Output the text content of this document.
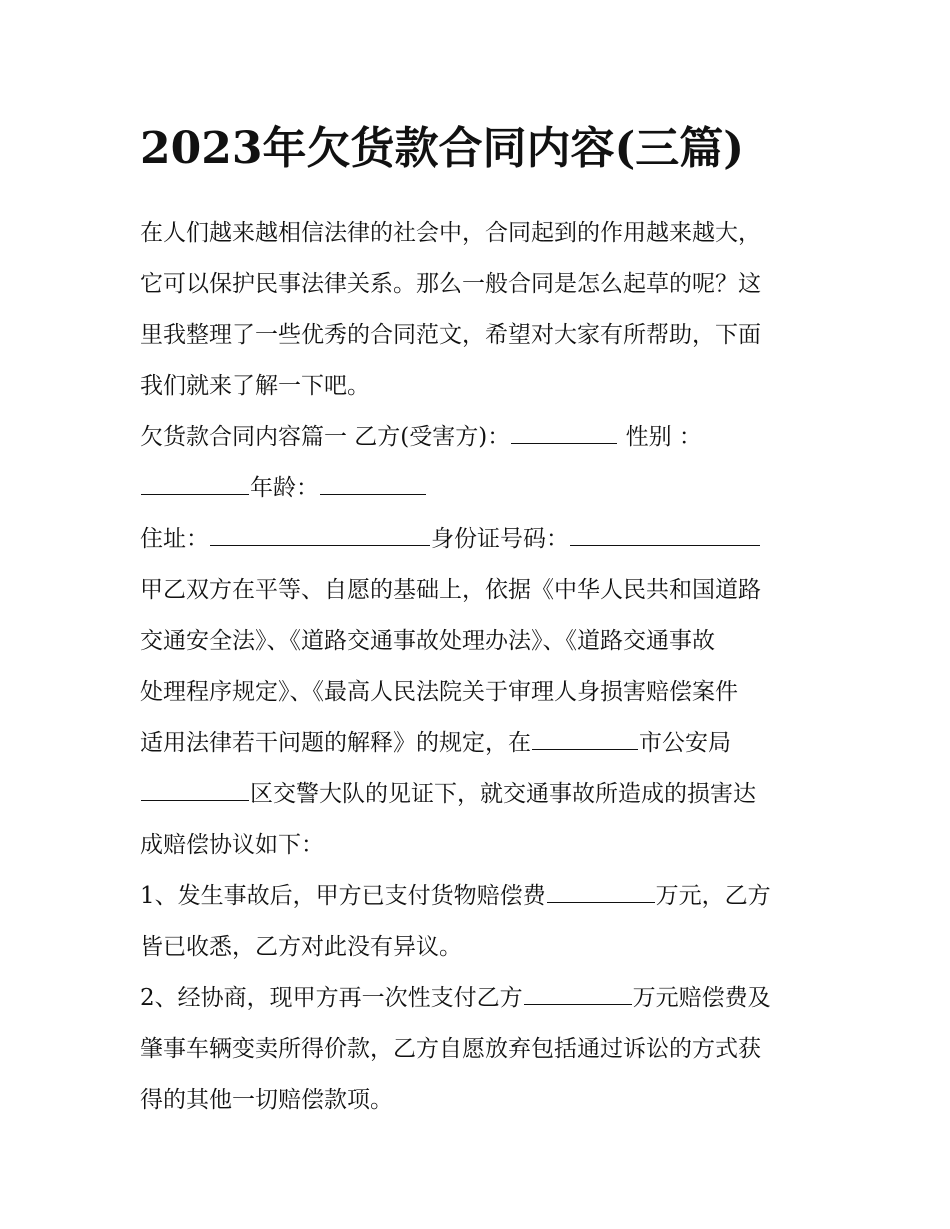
2023年欠货款合同内容(三篇)
在人们越来越相信法律的社会中，合同起到的作用越来越大，
它可以保护民事法律关系。那么一般合同是怎么起草的呢？这
里我整理了一些优秀的合同范文，希望对大家有所帮助，下面
我们就来了解一下吧。
欠货款合同内容篇一 乙方(受害方)：	性别 ：
年龄：
住址：	身份证号码：
甲乙双方在平等、自愿的基础上，依据《中华人民共和国道路
交通安全法》、《道路交通事故处理办法》、《道路交通事故
处理程序规定》、《最高人民法院关于审理人身损害赔偿案件
适用法律若干问题的解释》的规定，在	市公安局
区交警大队的见证下，就交通事故所造成的损害达
成赔偿协议如下：
1、发生事故后，甲方已支付货物赔偿费	万元，乙方
皆已收悉，乙方对此没有异议。
2、经协商，现甲方再一次性支付乙方	万元赔偿费及
肇事车辆变卖所得价款，乙方自愿放弃包括通过诉讼的方式获
得的其他一切赔偿款项。
